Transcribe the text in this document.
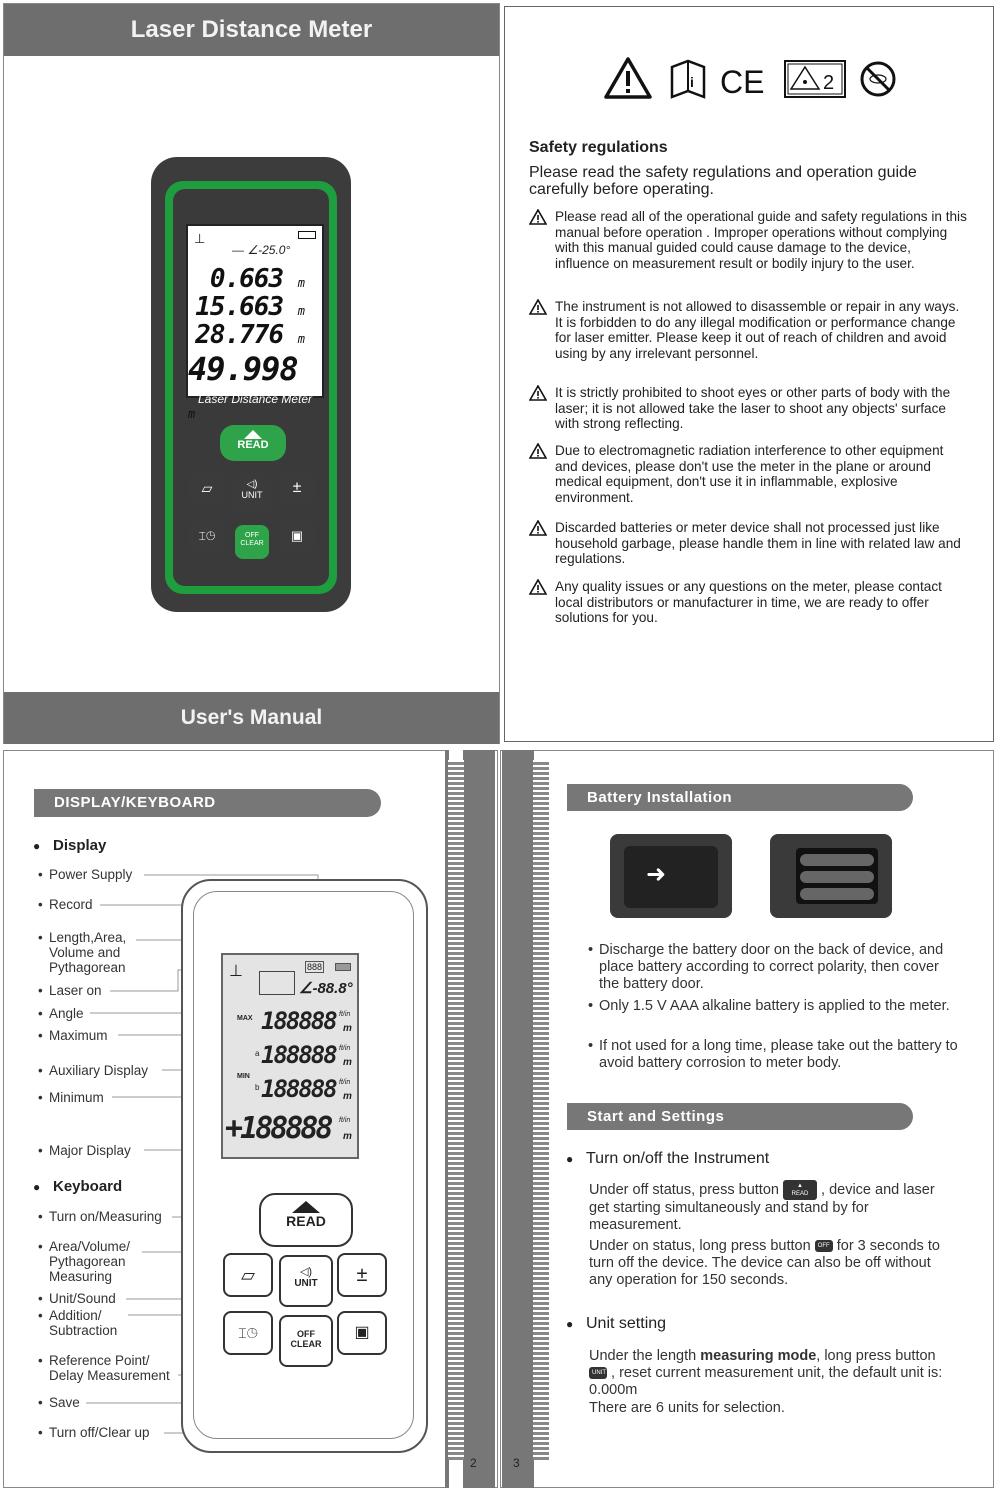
Laser Distance Meter
⊥
— ∠-25.0°
0.663 m
15.663 m
28.776 m
49.998 m
Laser Distance Meter
READ
▱	◁)
UNIT	±
⌶◷	OFF
CLEAR
▣
User's Manual
i CE	2
Safety regulations
Please read the safety regulations and operation guide carefully before operating.
Please read all of the operational guide and safety regulations in this manual before operation . Improper operations without complying with this manual guided could cause damage to the device, influence on measurement result or bodily injury to the user.
The instrument is not allowed to disassemble or repair in any ways. It is forbidden to do any illegal modification or performance change for laser emitter. Please keep it out of reach of children and avoid using by any irrelevant personnel.
It is strictly prohibited to shoot eyes or other parts of body with the laser; it is not allowed take the laser to shoot any objects' surface with strong reflecting.
Due to electromagnetic radiation interference to other equipment and devices, please don't use the meter in the plane or around medical equipment, don't use it in inflammable, explosive environment.
Discarded batteries or meter device shall not processed just like household garbage, please handle them in line with related law and regulations.
Any quality issues or any questions on the meter, please contact local distributors or manufacturer in time, we are ready to offer solutions for you.
2
DISPLAY/KEYBOARD
● Display
• Power Supply
• Record
• Length,Area,
Volume and
Pythagorean
• Laser on
• Angle
• Maximum
• Auxiliary Display
• Minimum
• Major Display
● Keyboard
• Turn on/Measuring
• Area/Volume/
Pythagorean
Measuring
• Unit/Sound
• Addition/
Subtraction
• Reference Point/
Delay Measurement
• Save
• Turn off/Clear up
888
⊥
∠-88.8°
MAX
MIN
a
b
188888
188888
188888
+188888
ft/in
m
ft/in
m
ft/in
m
ft/in
m
READ
▱	◁)
UNIT	±
⌶◷	OFF
CLEAR
▣
3
Battery Installation
➜
• Discharge the battery door on the back of device, and place battery according to correct polarity, then cover the battery door.
• Only 1.5 V AAA alkaline battery is applied to the meter.
• If not used for a long time, please take out the battery to avoid battery corrosion to meter body.
Start and Settings
● Turn on/off the Instrument
Under off status, press button	▲
READ , device and laser get starting simultaneously and stand by for measurement.
Under on status, long press button OFF for 3 seconds to turn off the device. The device can also be off without any operation for 150 seconds.
● Unit setting
Under the length measuring mode, long press button UNIT , reset current measurement unit, the default unit is: 0.000m
There are 6 units for selection.
